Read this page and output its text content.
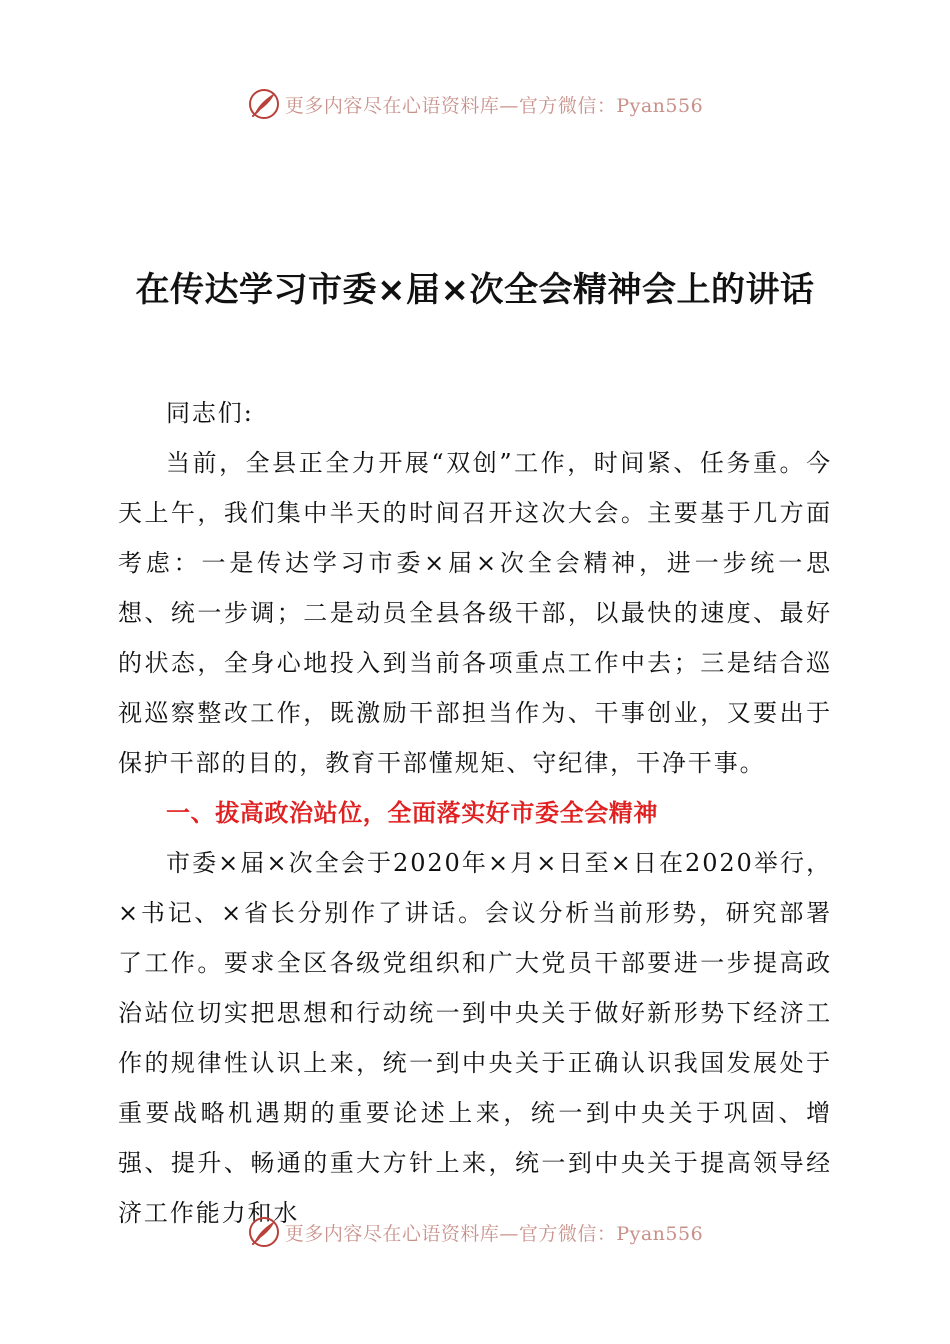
更多内容尽在心语资料库—官方微信：Pyan556
在传达学习市委×届×次全会精神会上的讲话

同志们:

当前，全县正全力开展“双创”工作，时间紧、任务重。今天上午，我们集中半天的时间召开这次大会。主要基于几方面考虑：一是传达学习市委×届×次全会精神，进一步统一思想、统一步调；二是动员全县各级干部，以最快的速度、最好的状态，全身心地投入到当前各项重点工作中去；三是结合巡视巡察整改工作，既激励干部担当作为、干事创业，又要出于保护干部的目的，教育干部懂规矩、守纪律，干净干事。

一、拔高政治站位，全面落实好市委全会精神

市委×届×次全会于2020年×月×日至×日在2020举行，×书记、×省长分别作了讲话。会议分析当前形势，研究部署了工作。要求全区各级党组织和广大党员干部要进一步提高政治站位切实把思想和行动统一到中央关于做好新形势下经济工作的规律性认识上来，统一到中央关于正确认识我国发展处于重要战略机遇期的重要论述上来，统一到中央关于巩固、增强、提升、畅通的重大方针上来，统一到中央关于提高领导经济工作能力和水

更多内容尽在心语资料库—官方微信：Pyan556
